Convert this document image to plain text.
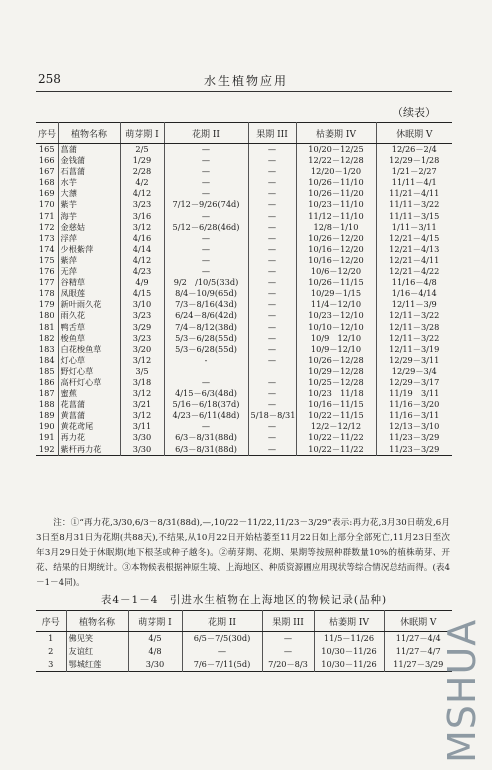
258	水生植物应用
（续表）
序号	植物名称	萌芽期 I	花期 II	果期 III	枯萎期 IV	休眠期 V
165	菖蒲	2/5	—	—	10/20－12/25	12/26－2/4
166	金钱蒲	1/29	—	—	12/22－12/28	12/29－1/28
167	石菖蒲	2/28	—	—	12/20－1/20	1/21－2/27
168	水芋	4/2	—	—	10/26－11/10	11/11－4/1
169	大薸	4/12	—	—	10/26－11/20	11/21－4/11
170	紫芋	3/23	7/12－9/26(74d)	—	10/23－11/10	11/11－3/22
171	海芋	3/16	—	—	11/12－11/10	11/11－3/15
172	金慈姑	3/12	5/12－6/28(46d)	—	12/8－1/10	1/11－3/11
173	浮萍	4/16	—	—	10/26－12/20	12/21－4/15
174	少根紫萍	4/14	—	—	10/16－12/20	12/21－4/13
175	紫萍	4/12	—	—	10/16－12/20	12/21－4/11
176	无萍	4/23	—	—	10/6－12/20	12/21－4/22
177	谷精草	4/9	9/2　/10/5(33d)	—	10/26－11/15	11/16－4/8
178	凤眼莲	4/15	8/4－10/9(65d)	—	10/29－1/15	1/16－4/14
179	新叶雨久花	3/10	7/3－8/16(43d)	—	11/4－12/10	12/11－3/9
180	雨久花	3/23	6/24－8/6(42d)	—	10/23－12/10	12/11－3/22
181	鸭舌草	3/29	7/4－8/12(38d)	—	10/10－12/10	12/11－3/28
182	梭鱼草	3/23	5/3－6/28(55d)	—	10/9　12/10	12/11－3/22
183	白花梭鱼草	3/20	5/3－6/28(55d)	—	10/9－12/10	12/11－3/19
184	灯心草	3/12	-	—	10/26－12/28	12/29－3/11
185	野灯心草	3/5			10/29－12/28	12/29－3/4
186	高杆灯心草	3/18	—	—	10/25－12/28	12/29－3/17
187	蜜蕉	3/12	4/15－6/3(48d)	—	10/23　11/18	11/19　3/11
188	花菖蒲	3/21	5/16－6/18(37d)	—	10/16－11/15	11/16－3/20
189	黄菖蒲	3/12	4/23－6/11(48d)	5/18－8/31	10/22－11/15	11/16－3/11
190	黄花鸢尾	3/11	—	—	12/2－12/12	12/13－3/10
191	再力花	3/30	6/3－8/31(88d)	—	10/22－11/22	11/23－3/29
192	紫杆再力花	3/30	6/3－8/31(88d)	—	10/22－11/22	11/23－3/29
注：①“再力花,3/30,6/3－8/31(88d),—,10/22－11/22,11/23－3/29”表示:再力花,3月30日萌发,6月3日至8月31日为花期(共88天),不结果,从10月22日开始枯萎至11月22日如上部分全部死亡,11月23日至次年3月29日处于休眠期(地下根茎或种子越冬)。②萌芽期、花期、果期等按照种群数量10%的植株萌芽、开花、结果的日期统计。③本物候表根据神原生境、上海地区、种质资源圃应用现状等综合情况总结而得。(表4－1－4同)。
表4－1－4　引进水生植物在上海地区的物候记录(品种)
序号	植物名称	萌芽期 I	花期 II	果期 III	枯萎期 IV	休眠期 V
1	佛见笑	4/5	6/5－7/5(30d)	—	11/5－11/26	11/27－4/4
2	友谊红	4/8	—	—	10/30－11/26	11/27－4/7
3	鄂城红莲	3/30	7/6－7/11(5d)	7/20－8/3	10/30－11/26	11/27－3/29
MSHUA
